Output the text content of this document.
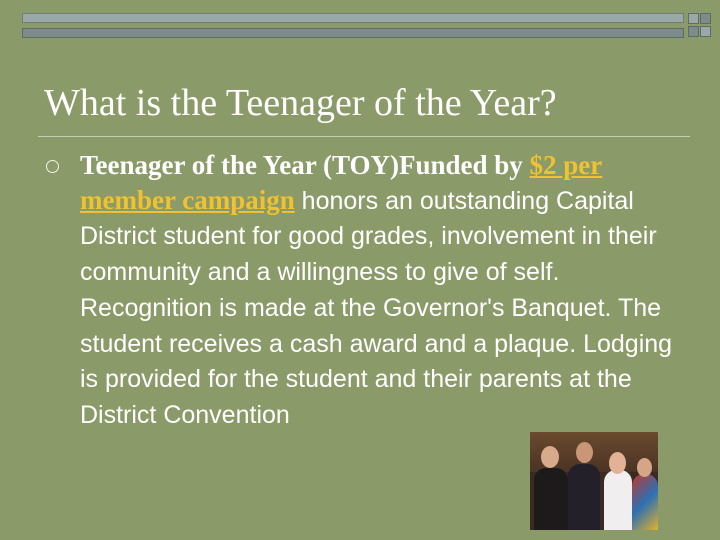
What is the Teenager of the Year?
Teenager of the Year (TOY)Funded by $2 per member campaign honors an outstanding Capital District student for good grades, involvement in their community and a willingness to give of self. Recognition is made at the Governor's Banquet. The student receives a cash award and a plaque. Lodging is provided for the student and their parents at the District Convention
